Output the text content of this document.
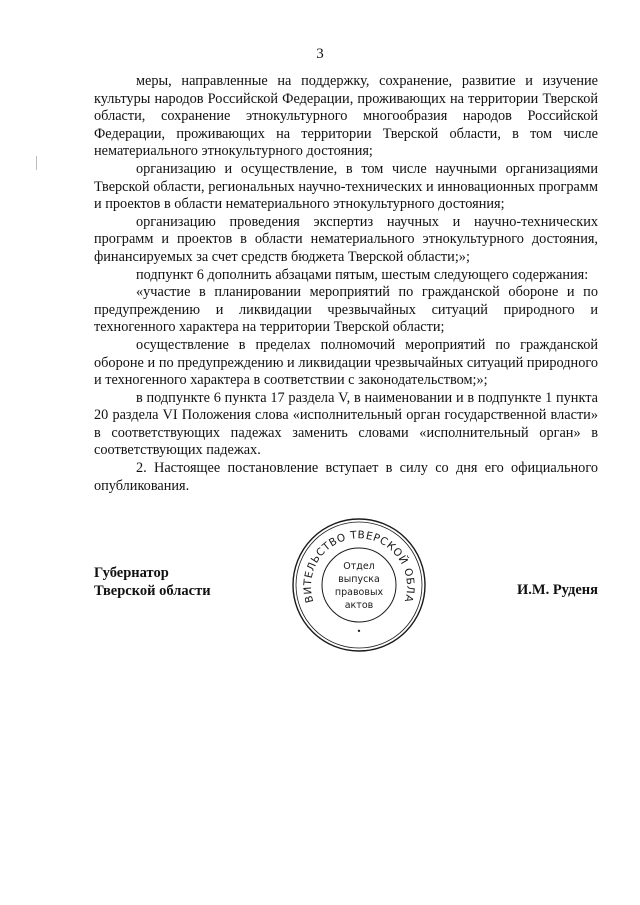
3

меры, направленные на поддержку, сохранение, развитие и изучение культуры народов Российской Федерации, проживающих на территории Тверской области, сохранение этнокультурного многообразия народов Российской Федерации, проживающих на территории Тверской области, в том числе нематериального этнокультурного достояния;

организацию и осуществление, в том числе научными организациями Тверской области, региональных научно-технических и инновационных программ и проектов в области нематериального этнокультурного достояния;

организацию проведения экспертиз научных и научно-технических программ и проектов в области нематериального этнокультурного достояния, финансируемых за счет средств бюджета Тверской области;»;

подпункт 6 дополнить абзацами пятым, шестым следующего содержания:

«участие в планировании мероприятий по гражданской обороне и по предупреждению и ликвидации чрезвычайных ситуаций природного и техногенного характера на территории Тверской области;

осуществление в пределах полномочий мероприятий по гражданской обороне и по предупреждению и ликвидации чрезвычайных ситуаций природного и техногенного характера в соответствии с законодательством;»;

в подпункте 6 пункта 17 раздела V, в наименовании и в подпункте 1 пункта 20 раздела VI Положения слова «исполнительный орган государственной власти» в соответствующих падежах заменить словами «исполнительный орган» в соответствующих падежах.

2. Настоящее постановление вступает в силу со дня его официального опубликования.

Губернатор
Тверской области
ВИТЕЛЬСТВО ТВЕРСКОЙ ОБЛА
•
Отдел
выпуска
правовых
актов
И.М. Руденя
